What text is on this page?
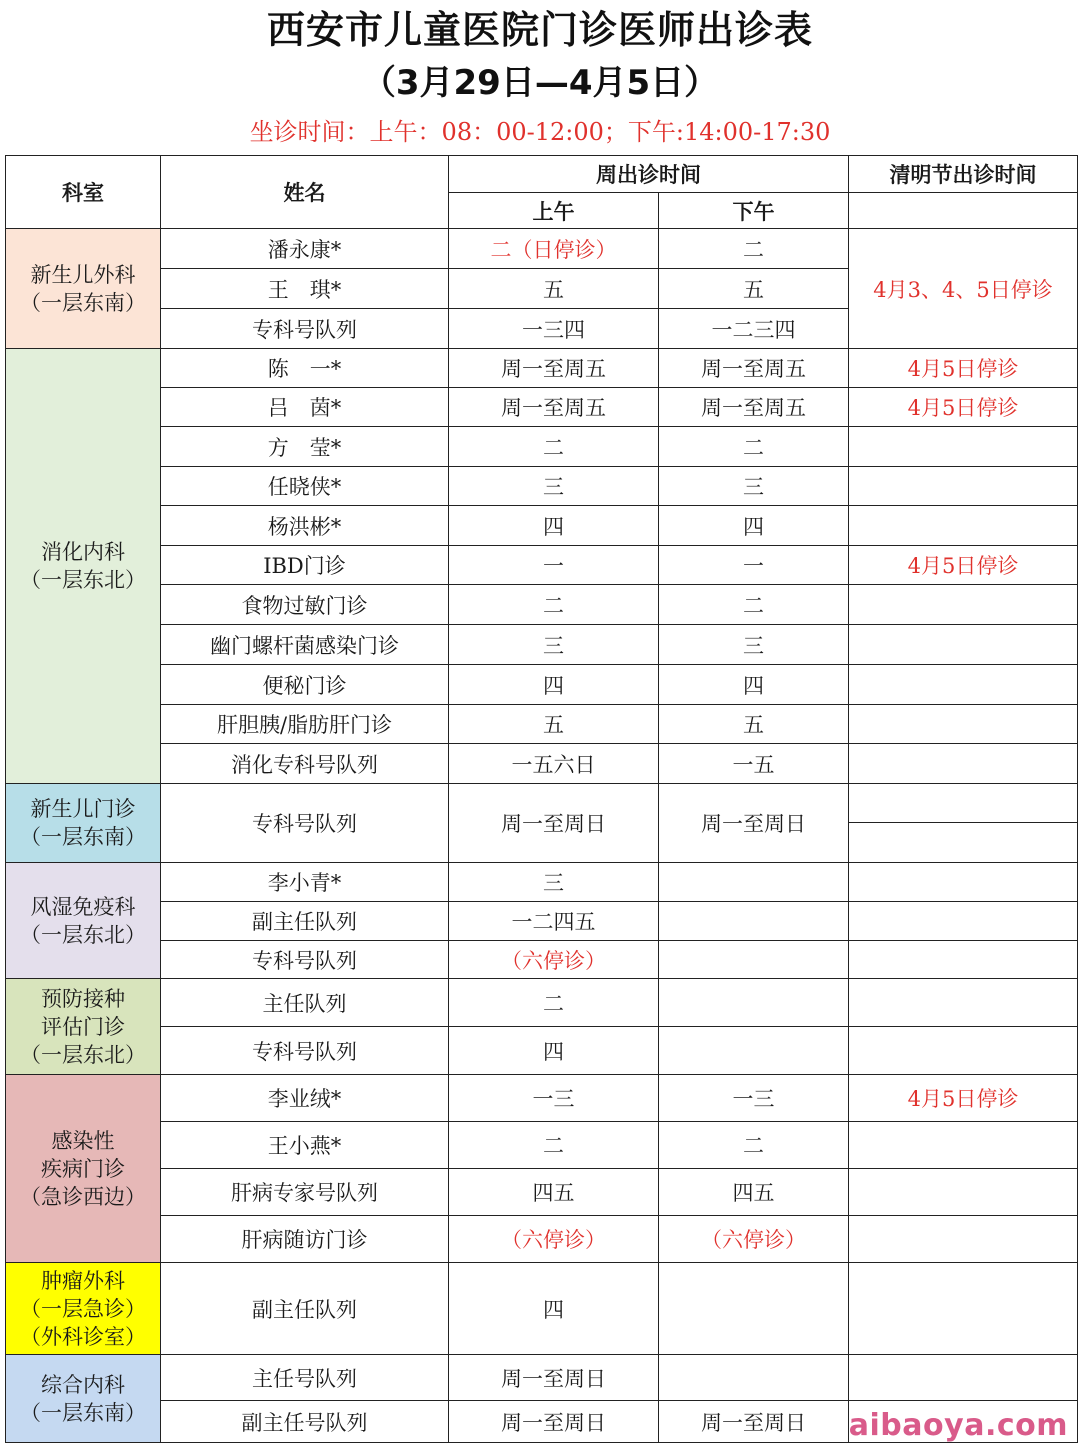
西安市儿童医院门诊医师出诊表
（3月29日—4月5日）
坐诊时间：上午：08：00-12:00；下午:14:00-17:30
科室	姓名	周出诊时间		清明节出诊时间
		上午	下午	

新生儿外科
（一层东南）	潘永康*	二（日停诊）	二	4月3、4、5日停诊
	王　琪*	五	五	
	专科号队列	一三四	一二三四	

消化内科
（一层东北）	陈　一*	周一至周五	周一至周五	4月5日停诊
	吕　茵*	周一至周五	周一至周五	4月5日停诊
	方　莹*	二	二	
	任晓侠*	三	三	
	杨洪彬*	四	四	
	IBD门诊	一	一	4月5日停诊
	食物过敏门诊	二	二	
	幽门螺杆菌感染门诊	三	三	
	便秘门诊	四	四	
	肝胆胰/脂肪肝门诊	五	五	
	消化专科号队列	一五六日	一五	

新生儿门诊
（一层东南）	专科号队列	周一至周日	周一至周日	

风湿免疫科
（一层东北）	李小青*	三		
	副主任队列	一二四五		
	专科号队列	（六停诊）		

预防接种
评估门诊
（一层东北）	主任队列	二		
	专科号队列	四		

感染性
疾病门诊
（急诊西边）	李业绒*	一三	一三	4月5日停诊
	王小燕*	二	二	
	肝病专家号队列	四五	四五	
	肝病随访门诊	（六停诊）	（六停诊）	

肿瘤外科
（一层急诊）
（外科诊室）	副主任队列	四		

综合内科
（一层东南）	主任号队列	周一至周日		
	副主任号队列	周一至周日	周一至周日	aibaoya.com
